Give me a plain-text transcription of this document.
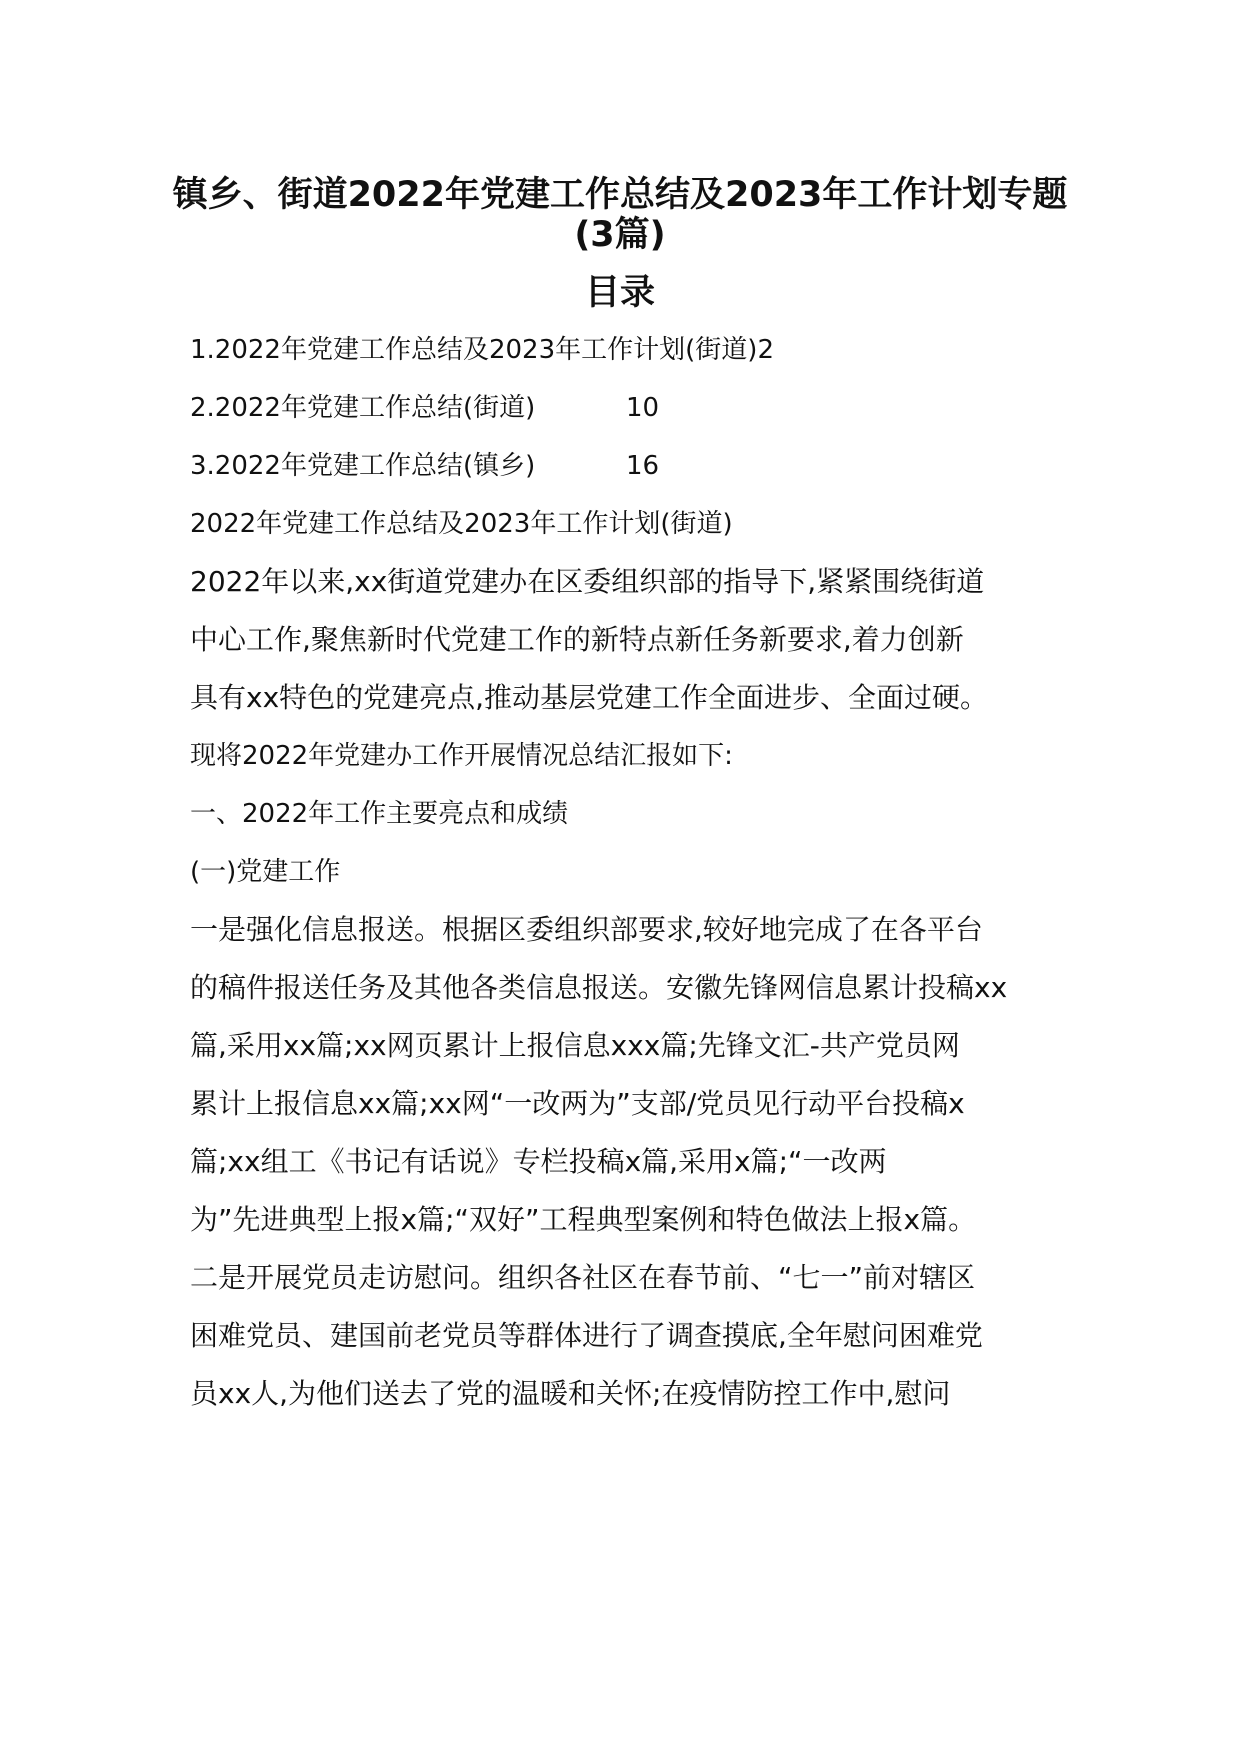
镇乡、街道2022年党建工作总结及2023年工作计划专题
(3篇)
目录
1.2022年党建工作总结及2023年工作计划(街道)2
2.2022年党建工作总结(街道)	10
3.2022年党建工作总结(镇乡)	16
2022年党建工作总结及2023年工作计划(街道)
2022年以来,xx街道党建办在区委组织部的指导下,紧紧围绕街道
中心工作,聚焦新时代党建工作的新特点新任务新要求,着力创新
具有xx特色的党建亮点,推动基层党建工作全面进步、全面过硬。
现将2022年党建办工作开展情况总结汇报如下:
一、2022年工作主要亮点和成绩
(一)党建工作
一是强化信息报送。根据区委组织部要求,较好地完成了在各平台
的稿件报送任务及其他各类信息报送。安徽先锋网信息累计投稿xx
篇,采用xx篇;xx网页累计上报信息xxx篇;先锋文汇-共产党员网
累计上报信息xx篇;xx网“一改两为”支部/党员见行动平台投稿x
篇;xx组工《书记有话说》专栏投稿x篇,采用x篇;“一改两
为”先进典型上报x篇;“双好”工程典型案例和特色做法上报x篇。
二是开展党员走访慰问。组织各社区在春节前、“七一”前对辖区
困难党员、建国前老党员等群体进行了调查摸底,全年慰问困难党
员xx人,为他们送去了党的温暖和关怀;在疫情防控工作中,慰问
